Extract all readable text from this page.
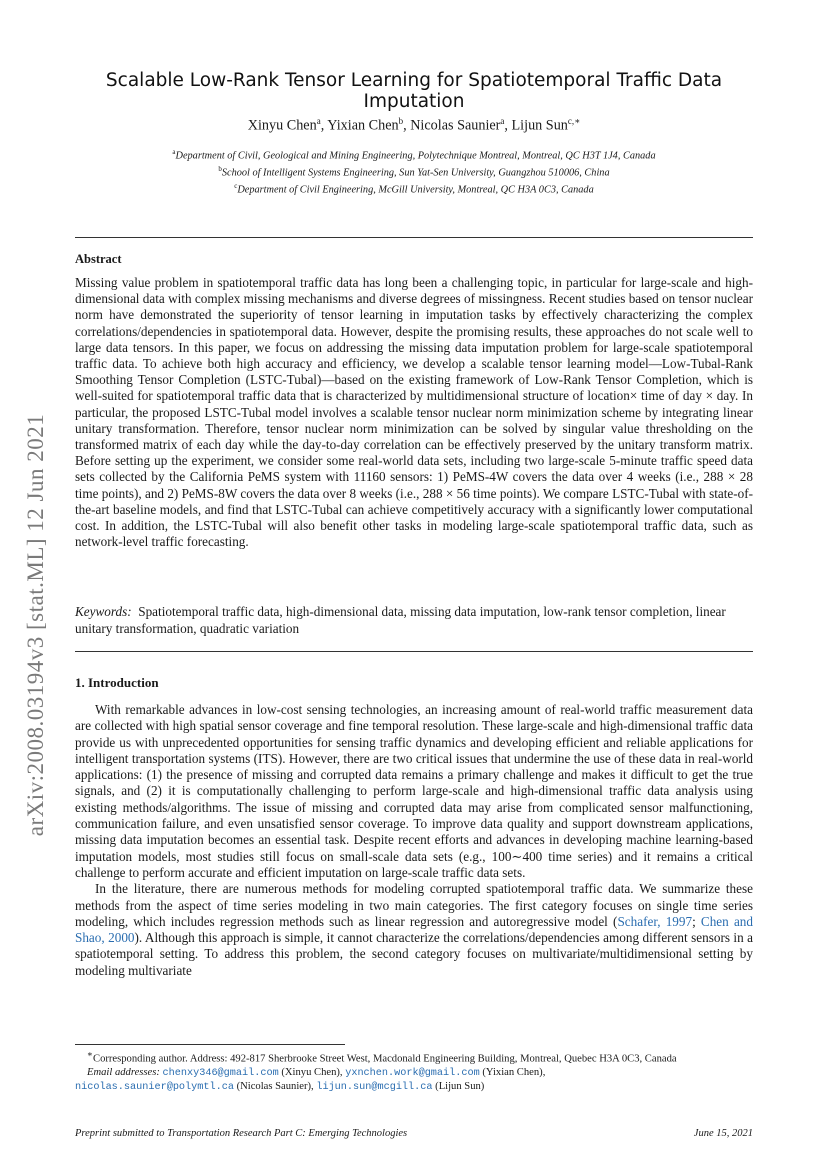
arXiv:2008.03194v3 [stat.ML] 12 Jun 2021
Scalable Low-Rank Tensor Learning for Spatiotemporal Traffic Data Imputation
Xinyu Chen$^a$, Yixian Chen$^b$, Nicolas Saunier$^a$, Lijun Sun$^{c,∗}$
$^a$Department of Civil, Geological and Mining Engineering, Polytechnique Montreal, Montreal, QC H3T 1J4, Canada
$^b$School of Intelligent Systems Engineering, Sun Yat-Sen University, Guangzhou 510006, China
$^c$Department of Civil Engineering, McGill University, Montreal, QC H3A 0C3, Canada
Abstract
Missing value problem in spatiotemporal traffic data has long been a challenging topic, in particular for large-scale and high-dimensional data with complex missing mechanisms and diverse degrees of missingness. Recent studies based on tensor nuclear norm have demonstrated the superiority of tensor learning in imputation tasks by effectively characterizing the complex correlations/dependencies in spatiotemporal data. However, despite the promising results, these approaches do not scale well to large data tensors. In this paper, we focus on addressing the missing data imputation problem for large-scale spatiotemporal traffic data. To achieve both high accuracy and efficiency, we develop a scalable tensor learning model—Low-Tubal-Rank Smoothing Tensor Completion (LSTC-Tubal)—based on the existing framework of Low-Rank Tensor Completion, which is well-suited for spatiotemporal traffic data that is characterized by multidimensional structure of location× time of day × day. In particular, the proposed LSTC-Tubal model involves a scalable tensor nuclear norm minimization scheme by integrating linear unitary transformation. Therefore, tensor nuclear norm minimization can be solved by singular value thresholding on the transformed matrix of each day while the day-to-day correlation can be effectively preserved by the unitary transform matrix. Before setting up the experiment, we consider some real-world data sets, including two large-scale 5-minute traffic speed data sets collected by the California PeMS system with 11160 sensors: 1) PeMS-4W covers the data over 4 weeks (i.e., 288 × 28 time points), and 2) PeMS-8W covers the data over 8 weeks (i.e., 288 × 56 time points). We compare LSTC-Tubal with state-of-the-art baseline models, and find that LSTC-Tubal can achieve competitively accuracy with a significantly lower computational cost. In addition, the LSTC-Tubal will also benefit other tasks in modeling large-scale spatiotemporal traffic data, such as network-level traffic forecasting.
Keywords: Spatiotemporal traffic data, high-dimensional data, missing data imputation, low-rank tensor completion, linear unitary transformation, quadratic variation
1. Introduction

With remarkable advances in low-cost sensing technologies, an increasing amount of real-world traffic measurement data are collected with high spatial sensor coverage and fine temporal resolution. These large-scale and high-dimensional traffic data provide us with unprecedented opportunities for sensing traffic dynamics and developing efficient and reliable applications for intelligent transportation systems (ITS). However, there are two critical issues that undermine the use of these data in real-world applications: (1) the presence of missing and corrupted data remains a primary challenge and makes it difficult to get the true signals, and (2) it is computationally challenging to perform large-scale and high-dimensional traffic data analysis using existing methods/algorithms. The issue of missing and corrupted data may arise from complicated sensor malfunctioning, communication failure, and even unsatisfied sensor coverage. To improve data quality and support downstream applications, missing data imputation becomes an essential task. Despite recent efforts and advances in developing machine learning-based imputation models, most studies still focus on small-scale data sets (e.g., 100∼400 time series) and it remains a critical challenge to perform accurate and efficient imputation on large-scale traffic data sets.

In the literature, there are numerous methods for modeling corrupted spatiotemporal traffic data. We summarize these methods from the aspect of time series modeling in two main categories. The first category focuses on single time series modeling, which includes regression methods such as linear regression and autoregressive model (Schafer, 1997; Chen and Shao, 2000). Although this approach is simple, it cannot characterize the correlations/dependencies among different sensors in a spatiotemporal setting. To address this problem, the second category focuses on multivariate/multidimensional setting by modeling multivariate

∗Corresponding author. Address: 492-817 Sherbrooke Street West, Macdonald Engineering Building, Montreal, Quebec H3A 0C3, Canada
Email addresses: chenxy346@gmail.com (Xinyu Chen), yxnchen.work@gmail.com (Yixian Chen),
nicolas.saunier@polymtl.ca (Nicolas Saunier), lijun.sun@mcgill.ca (Lijun Sun)
Preprint submitted to Transportation Research Part C: Emerging Technologies	June 15, 2021
